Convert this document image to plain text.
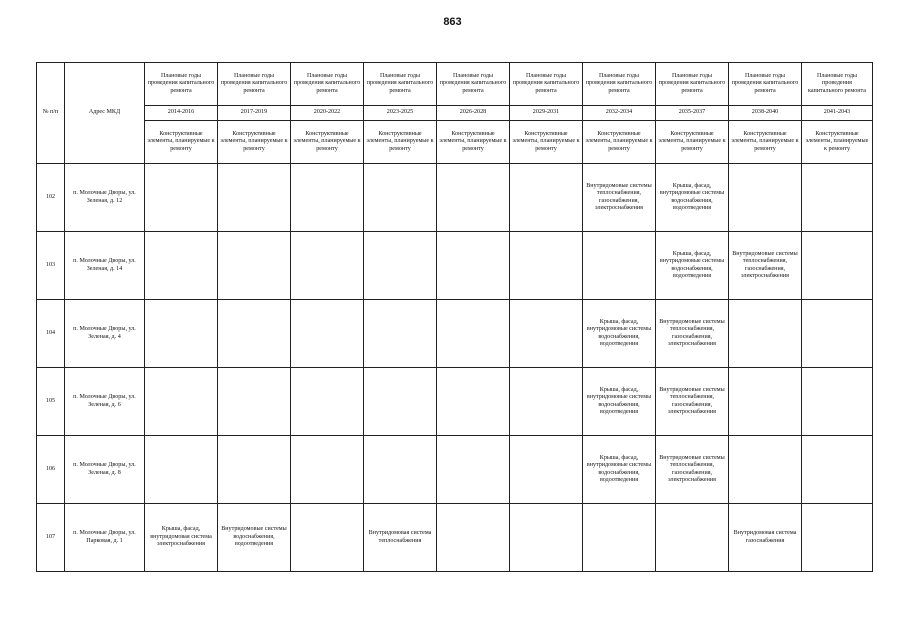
863
№ п/п	Адрес МКД	Плановые годы проведения капитального ремонта	Плановые годы проведения капитального ремонта	Плановые годы проведения капитального ремонта	Плановые годы проведения капитального ремонта	Плановые годы проведения капитального ремонта	Плановые годы проведения капитального ремонта	Плановые годы проведения капитального ремонта	Плановые годы проведения капитального ремонта	Плановые годы проведения капитального ремонта	Плановые годы проведения капитального ремонта
		2014-2016	2017-2019	2020-2022	2023-2025	2026-2028	2029-2031	2032-2034	2035-2037	2038-2040	2041-2043
		Конструктивные элементы, планируемые к ремонту	Конструктивные элементы, планируемые к ремонту	Конструктивные элементы, планируемые к ремонту	Конструктивные элементы, планируемые к ремонту	Конструктивные элементы, планируемые к ремонту	Конструктивные элементы, планируемые к ремонту	Конструктивные элементы, планируемые к ремонту	Конструктивные элементы, планируемые к ремонту	Конструктивные элементы, планируемые к ремонту	Конструктивные элементы, планируемые к ремонту
102	п. Молочные Дворы, ул. Зеленая, д. 12							Внутридомовые системы теплоснабжения, газоснабжения, электроснабжения	Крыша, фасад, внутридомовые системы водоснабжения, водоотведения		
103	п. Молочные Дворы, ул. Зеленая, д. 14								Крыша, фасад, внутридомовые системы водоснабжения, водоотведения	Внутридомовые системы теплоснабжения, газоснабжения, электроснабжения	
104	п. Молочные Дворы, ул. Зеленая, д. 4							Крыша, фасад, внутридомовые системы водоснабжения, водоотведения	Внутридомовые системы теплоснабжения, газоснабжения, электроснабжения		
105	п. Молочные Дворы, ул. Зеленая, д. 6							Крыша, фасад, внутридомовые системы водоснабжения, водоотведения	Внутридомовые системы теплоснабжения, газоснабжения, электроснабжения		
106	п. Молочные Дворы, ул. Зеленая, д. 8							Крыша, фасад, внутридомовые системы водоснабжения, водоотведения	Внутридомовые системы теплоснабжения, газоснабжения, электроснабжения		
107	п. Молочные Дворы, ул. Парковая, д. 1	Крыша, фасад, внутридомовая система электроснабжения	Внутридомовые системы водоснабжения, водоотведения		Внутридомовая система теплоснабжения					Внутридомовая система газоснабжения	
